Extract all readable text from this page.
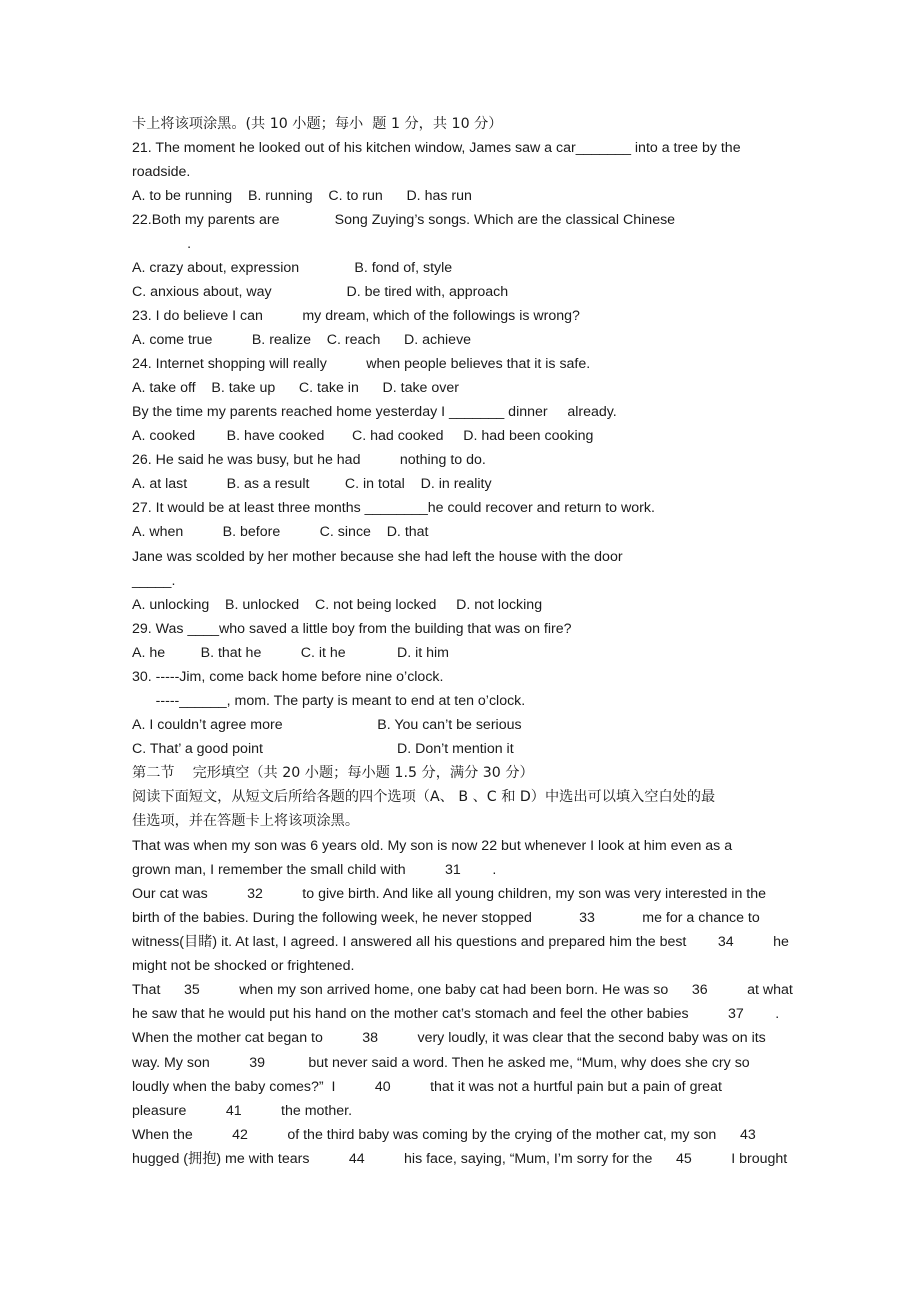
卡上将该项涂黑。(共 10 小题；每小  题 1 分，共 10 分）
21. The moment he looked out of his kitchen window, James saw a car_______ into a tree by the
roadside.
A. to be running    B. running    C. to run      D. has run
22.Both my parents are              Song Zuying’s songs. Which are the classical Chinese
.
A. crazy about, expression              B. fond of, style
C. anxious about, way                   D. be tired with, approach
23. I do believe I can          my dream, which of the followings is wrong?
A. come true          B. realize    C. reach      D. achieve
24. Internet shopping will really          when people believes that it is safe.
A. take off    B. take up      C. take in      D. take over
By the time my parents reached home yesterday I _______ dinner     already.
A. cooked        B. have cooked       C. had cooked     D. had been cooking
26. He said he was busy, but he had          nothing to do.
A. at last          B. as a result         C. in total    D. in reality
27. It would be at least three months ________he could recover and return to work.
A. when          B. before          C. since    D. that
Jane was scolded by her mother because she had left the house with the door
_____.
A. unlocking    B. unlocked    C. not being locked     D. not locking
29. Was ____who saved a little boy from the building that was on fire?
A. he         B. that he          C. it he             D. it him
30. -----Jim, come back home before nine o’clock.
-----______, mom. The party is meant to end at ten o’clock.
A. I couldn’t agree more                        B. You can’t be serious
C. That’ a good point                                  D. Don’t mention it
第二节    完形填空（共 20 小题；每小题 1.5 分，满分 30 分）
阅读下面短文，从短文后所给各题的四个选项（A、 B 、C 和 D）中选出可以填入空白处的最
佳选项，并在答题卡上将该项涂黑。
That was when my son was 6 years old. My son is now 22 but whenever I look at him even as a
grown man, I remember the small child with          31        .
Our cat was          32          to give birth. And like all young children, my son was very interested in the
birth of the babies. During the following week, he never stopped            33            me for a chance to
witness(目睹) it. At last, I agreed. I answered all his questions and prepared him the best        34          he
might not be shocked or frightened.
That      35          when my son arrived home, one baby cat had been born. He was so      36          at what
he saw that he would put his hand on the mother cat’s stomach and feel the other babies          37        .
When the mother cat began to          38          very loudly, it was clear that the second baby was on its
way. My son          39           but never said a word. Then he asked me, “Mum, why does she cry so
loudly when the baby comes?”  I          40          that it was not a hurtful pain but a pain of great
pleasure          41          the mother.
When the          42          of the third baby was coming by the crying of the mother cat, my son      43
hugged (拥抱) me with tears          44          his face, saying, “Mum, I’m sorry for the      45          I brought
